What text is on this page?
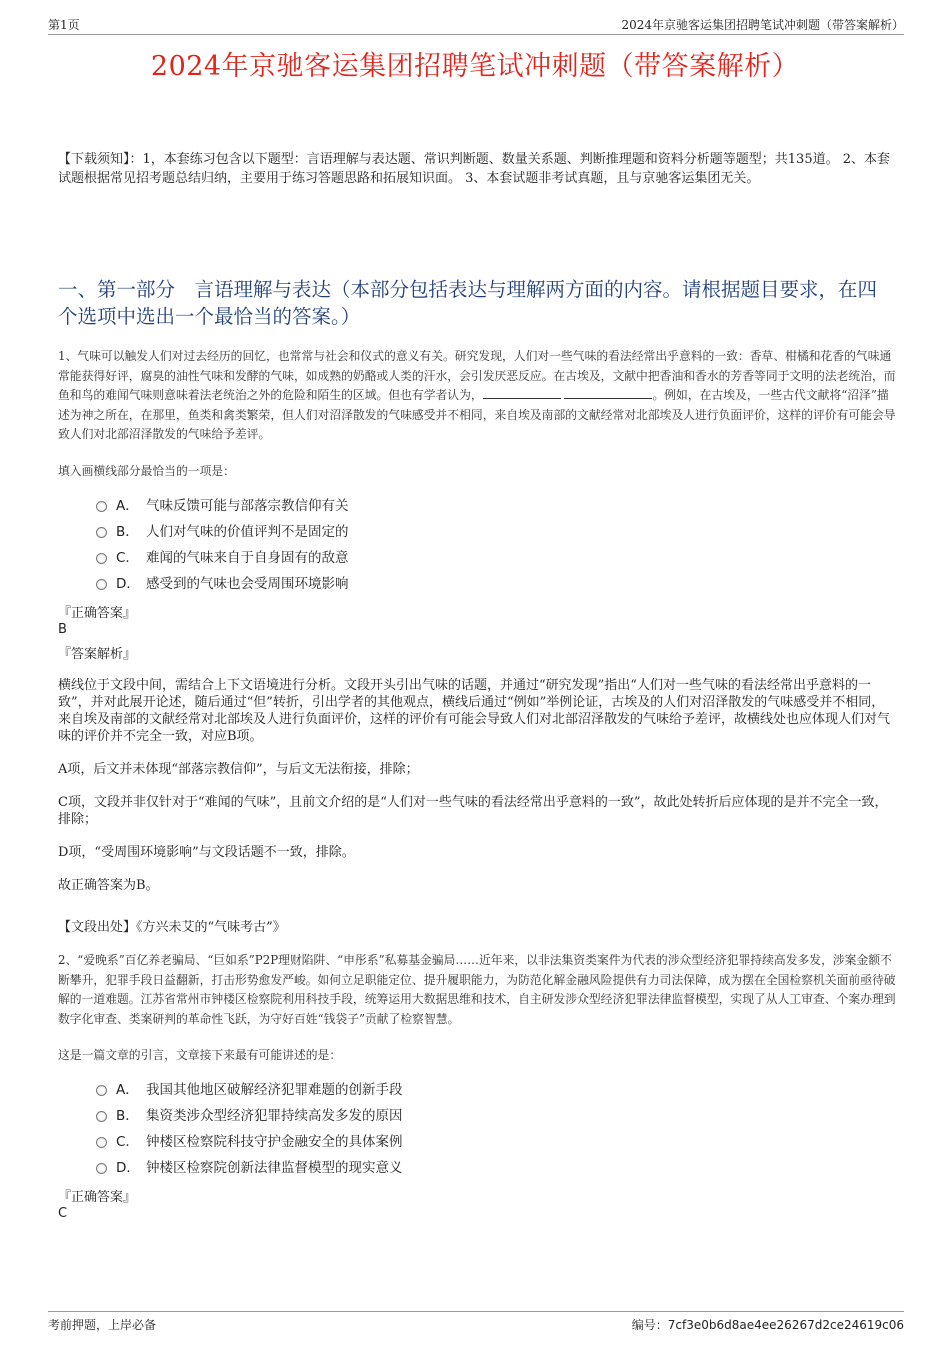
第1页	2024年京驰客运集团招聘笔试冲刺题（带答案解析）
2024年京驰客运集团招聘笔试冲刺题（带答案解析）
【下载须知】：1，本套练习包含以下题型：言语理解与表达题、常识判断题、数量关系题、判断推理题和资料分析题等题型；共135道。 2、本套试题根据常见招考题总结归纳，主要用于练习答题思路和拓展知识面。 3、本套试题非考试真题，且与京驰客运集团无关。
一、第一部分　言语理解与表达（本部分包括表达与理解两方面的内容。请根据题目要求，在四个选项中选出一个最恰当的答案。）
1、气味可以触发人们对过去经历的回忆，也常常与社会和仪式的意义有关。研究发现，人们对一些气味的看法经常出乎意料的一致：香草、柑橘和花香的气味通常能获得好评，腐臭的油性气味和发酵的气味，如成熟的奶酪或人类的汗水，会引发厌恶反应。在古埃及，文献中把香油和香水的芳香等同于文明的法老统治，而鱼和鸟的难闻气味则意味着法老统治之外的危险和陌生的区域。但也有学者认为，	。例如，在古埃及，一些古代文献将“沼泽”描述为神之所在，在那里，鱼类和禽类繁荣，但人们对沼泽散发的气味感受并不相同，来自埃及南部的文献经常对北部埃及人进行负面评价，这样的评价有可能会导致人们对北部沼泽散发的气味给予差评。
填入画横线部分最恰当的一项是：
A． 气味反馈可能与部落宗教信仰有关
B． 人们对气味的价值评判不是固定的
C． 难闻的气味来自于自身固有的敌意
D． 感受到的气味也会受周围环境影响
『正确答案』
B
『答案解析』

横线位于文段中间，需结合上下文语境进行分析。文段开头引出气味的话题，并通过“研究发现”指出“人们对一些气味的看法经常出乎意料的一致”，并对此展开论述，随后通过“但”转折，引出学者的其他观点，横线后通过“例如”举例论证，古埃及的人们对沼泽散发的气味感受并不相同，来自埃及南部的文献经常对北部埃及人进行负面评价，这样的评价有可能会导致人们对北部沼泽散发的气味给予差评，故横线处也应体现人们对气味的评价并不完全一致，对应B项。

A项，后文并未体现“部落宗教信仰”，与后文无法衔接，排除；

C项，文段并非仅针对于“难闻的气味”，且前文介绍的是“人们对一些气味的看法经常出乎意料的一致”，故此处转折后应体现的是并不完全一致，排除；

D项，“受周围环境影响”与文段话题不一致，排除。

故正确答案为B。

【文段出处】《方兴未艾的“气味考古”》
2、“爱晚系”百亿养老骗局、“巨如系”P2P理财陷阱、“申彤系”私募基金骗局……近年来，以非法集资类案件为代表的涉众型经济犯罪持续高发多发，涉案金额不断攀升，犯罪手段日益翻新，打击形势愈发严峻。如何立足职能定位、提升履职能力，为防范化解金融风险提供有力司法保障，成为摆在全国检察机关面前亟待破解的一道难题。江苏省常州市钟楼区检察院利用科技手段，统筹运用大数据思维和技术，自主研发涉众型经济犯罪法律监督模型，实现了从人工审查、个案办理到数字化审查、类案研判的革命性飞跃，为守好百姓“钱袋子”贡献了检察智慧。
这是一篇文章的引言，文章接下来最有可能讲述的是：
A． 我国其他地区破解经济犯罪难题的创新手段
B． 集资类涉众型经济犯罪持续高发多发的原因
C． 钟楼区检察院科技守护金融安全的具体案例
D． 钟楼区检察院创新法律监督模型的现实意义
『正确答案』
C
考前押题，上岸必备	编号：7cf3e0b6d8ae4ee26267d2ce24619c06
